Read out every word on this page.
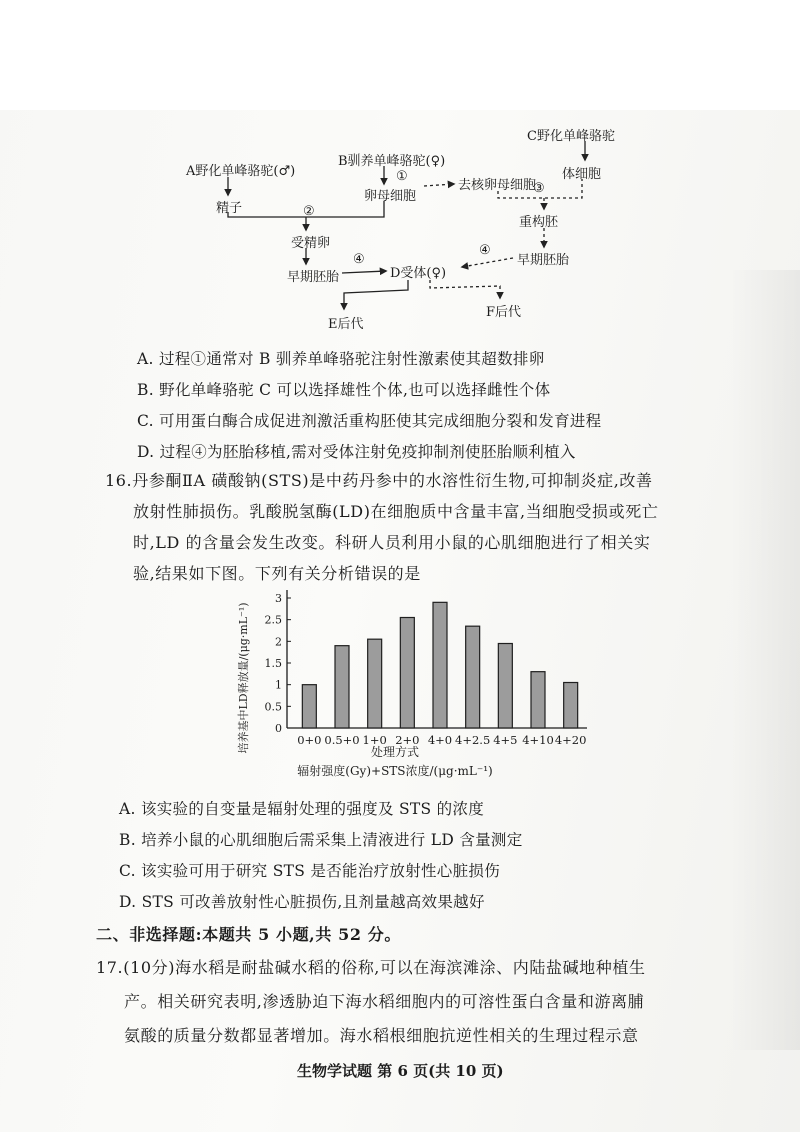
A野化单峰骆驼(♂)
B驯养单峰骆驼(♀)
C野化单峰骆驼
①
精子
卵母细胞
去核卵母细胞
体细胞
③
②
受精卵
重构胚
④
早期胚胎
早期胚胎
④
D受体(♀)
E后代
F后代
A. 过程①通常对 B 驯养单峰骆驼注射性激素使其超数排卵
B. 野化单峰骆驼 C 可以选择雄性个体,也可以选择雌性个体
C. 可用蛋白酶合成促进剂激活重构胚使其完成细胞分裂和发育进程
D. 过程④为胚胎移植,需对受体注射免疫抑制剂使胚胎顺利植入
16.丹参酮ⅡA 磺酸钠(STS)是中药丹参中的水溶性衍生物,可抑制炎症,改善
放射性肺损伤。乳酸脱氢酶(LD)在细胞质中含量丰富,当细胞受损或死亡
时,LD 的含量会发生改变。科研人员利用小鼠的心肌细胞进行了相关实
验,结果如下图。下列有关分析错误的是
培养基中LD释放量/(μg·mL⁻¹) 0
0.5
1
1.5
2
2.5
3
0+0 0.5+0 1+0 2+0 4+0 4+2.5 4+5 4+10 4+20
处理方式
辐射强度(Gy)+STS浓度/(μg·mL⁻¹)
A. 该实验的自变量是辐射处理的强度及 STS 的浓度
B. 培养小鼠的心肌细胞后需采集上清液进行 LD 含量测定
C. 该实验可用于研究 STS 是否能治疗放射性心脏损伤
D. STS 可改善放射性心脏损伤,且剂量越高效果越好
二、非选择题:本题共 5 小题,共 52 分。
17.(10分)海水稻是耐盐碱水稻的俗称,可以在海滨滩涂、内陆盐碱地种植生
产。相关研究表明,渗透胁迫下海水稻细胞内的可溶性蛋白含量和游离脯
氨酸的质量分数都显著增加。海水稻根细胞抗逆性相关的生理过程示意
生物学试题 第 6 页(共 10 页)
